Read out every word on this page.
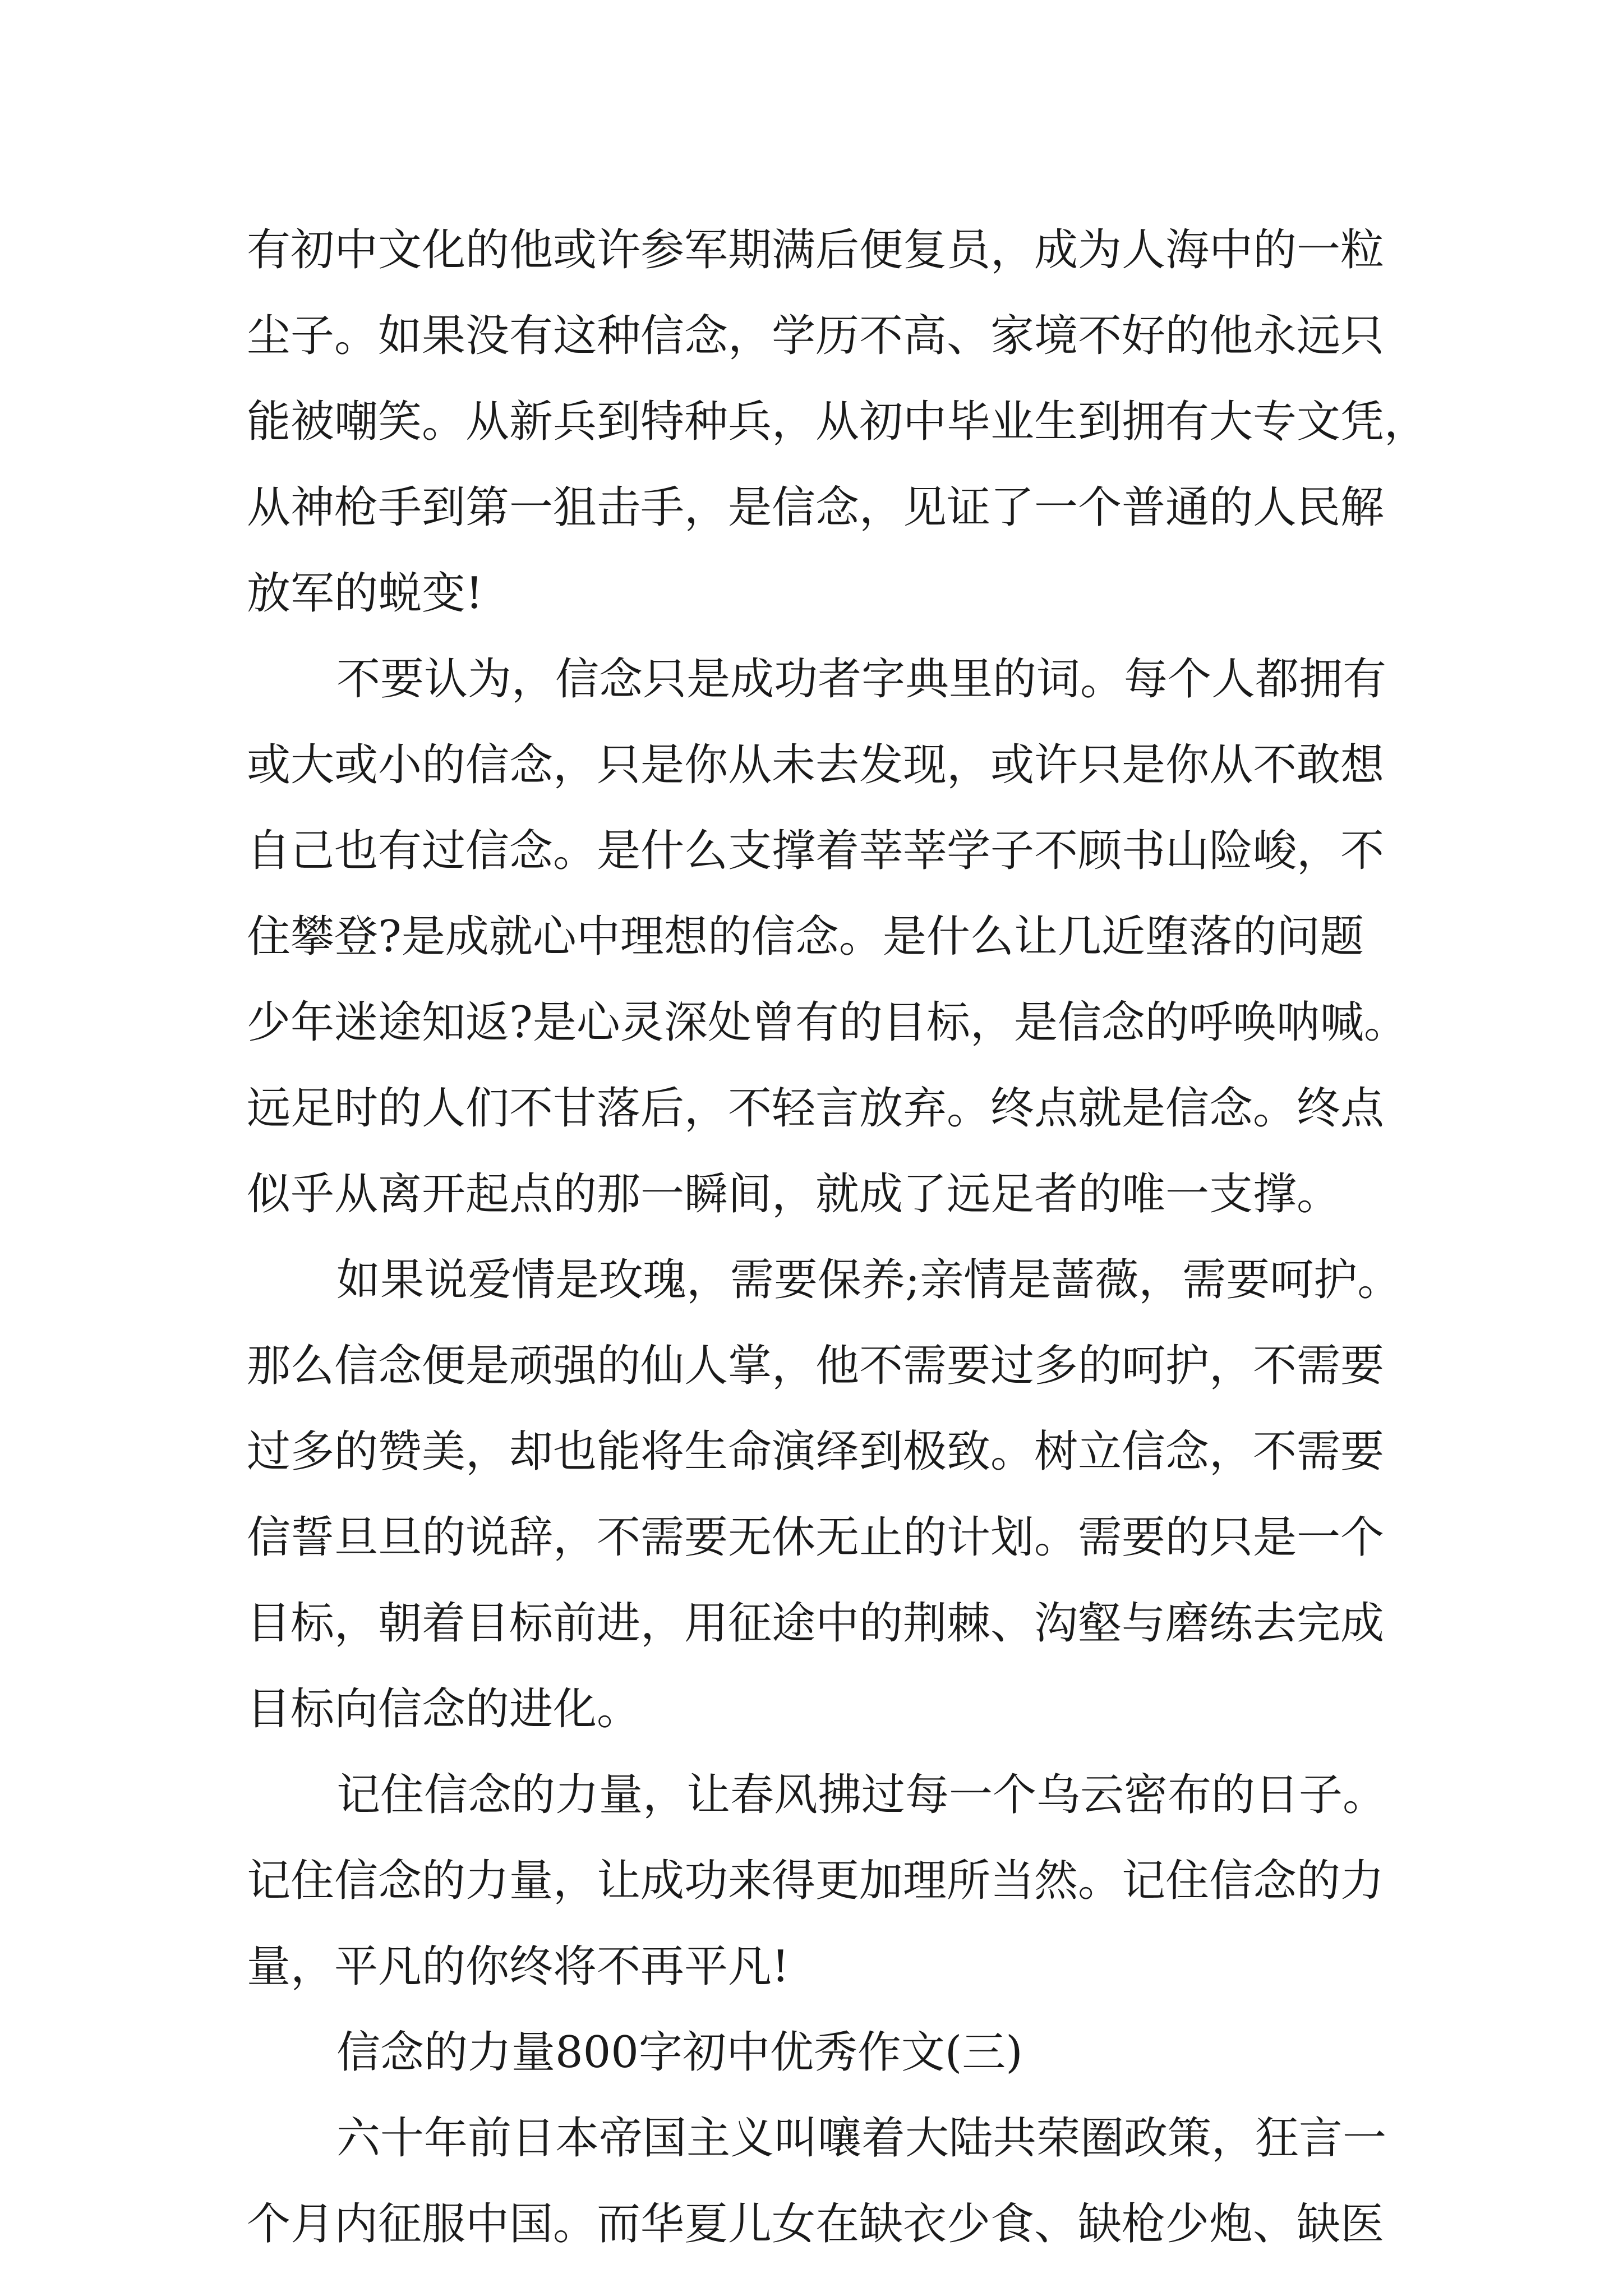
有初中文化的他或许参军期满后便复员，成为人海中的一粒
尘子。如果没有这种信念，学历不高、家境不好的他永远只
能被嘲笑。从新兵到特种兵，从初中毕业生到拥有大专文凭，
从神枪手到第一狙击手，是信念，见证了一个普通的人民解
放军的蜕变!
不要认为，信念只是成功者字典里的词。每个人都拥有
或大或小的信念，只是你从未去发现，或许只是你从不敢想
自己也有过信念。是什么支撑着莘莘学子不顾书山险峻，不
住攀登?是成就心中理想的信念。是什么让几近堕落的问题
少年迷途知返?是心灵深处曾有的目标，是信念的呼唤呐喊。
远足时的人们不甘落后，不轻言放弃。终点就是信念。终点
似乎从离开起点的那一瞬间，就成了远足者的唯一支撑。
如果说爱情是玫瑰，需要保养;亲情是蔷薇，需要呵护。
那么信念便是顽强的仙人掌，他不需要过多的呵护，不需要
过多的赞美，却也能将生命演绎到极致。树立信念，不需要
信誓旦旦的说辞，不需要无休无止的计划。需要的只是一个
目标，朝着目标前进，用征途中的荆棘、沟壑与磨练去完成
目标向信念的进化。
记住信念的力量，让春风拂过每一个乌云密布的日子。
记住信念的力量，让成功来得更加理所当然。记住信念的力
量，平凡的你终将不再平凡!
信念的力量800字初中优秀作文(三)
六十年前日本帝国主义叫嚷着大陆共荣圈政策，狂言一
个月内征服中国。而华夏儿女在缺衣少食、缺枪少炮、缺医
